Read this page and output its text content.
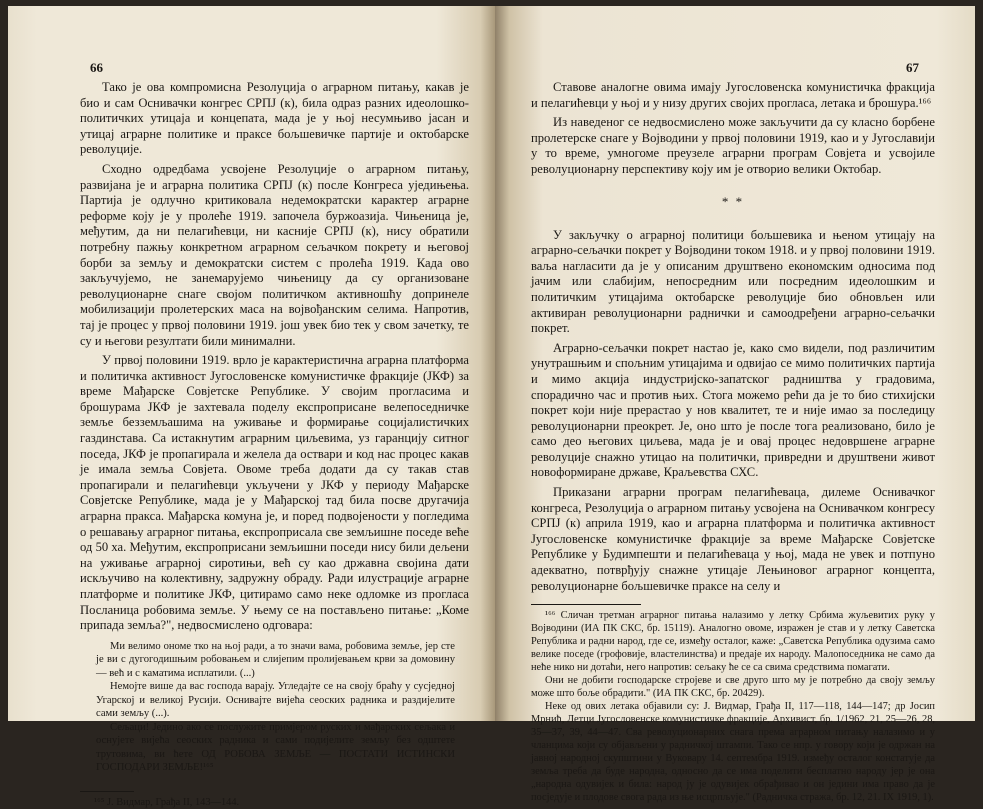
66

Тако је ова компромисна Резолуција о аграрном питању, какав је био и сам Оснивачки конгрес СРПЈ (к), била одраз разних идеолошко-политичких утицаја и концепата, мада је у њој несумњиво јасан и утицај аграрне политике и праксе бољшевичке партије и октобарске револуције.

Сходно одредбама усвојене Резолуције о аграрном питању, развијана је и аграрна политика СРПЈ (к) после Конгреса уједињења. Партија је одлучно критиковала недемократски карактер аграрне реформе коју је у пролеће 1919. започела буржоазија. Чињеница је, међутим, да ни пелагићевци, ни касније СРПЈ (к), нису обратили потребну пажњу конкретном аграрном сељачком покрету и његовој борби за земљу и демократски систем с пролећа 1919. Када ово закључујемо, не занемарујемо чињеницу да су организоване револуционарне снаге својом политичком активношћу допринеле мобилизацији пролетерских маса на војвођанским селима. Напротив, тај је процес у првој половини 1919. још увек био тек у свом зачетку, те су и његови резултати били минимални.

У првој половини 1919. врло је карактеристична аграрна платформа и политичка активност Југословенске комунистичке фракције (ЈКФ) за време Мађарске Совјетске Републике. У својим прогласима и брошурама ЈКФ је захтевала поделу експроприсане велепоседничке земље безземљашима на уживање и формирање социјалистичких газдинстава. Са истакнутим аграрним циљевима, уз гаранцију ситног поседа, ЈКФ је пропагирала и желела да оствари и код нас процес какав је имала земља Совјета. Овоме треба додати да су такав став пропагирали и пелагићевци укључени у ЈКФ у периоду Мађарске Совјетске Републике, мада је у Мађарској тад била посве другачија аграрна пракса. Мађарска комуна је, и поред подвојености у погледима о решавању аграрног питања, експроприсала све земљишне поседе веће од 50 ха. Међутим, експроприсани земљишни поседи нису били дељени на уживање аграрној сиротињи, већ су као државна својина дати искључиво на колективну, задружну обраду. Ради илустрације аграрне платформе и политике ЈКФ, цитирамо само неке одломке из прогласа Посланица робовима земље. У њему се на постављено питање: „Коме припада земља?", недвосмислено одговара:

Ми велимо ономе тко на њој ради, а то значи вама, робовима земље, јер сте је ви с дугогодишњим робовањем и слијепим пролијевањем крви за домовину — већ и с каматима исплатили. (...)

Немојте више да вас господа варају. Угледајте се на своју браћу у сусједној Угарској и великој Русији. Оснивајте вијећа сеоских радника и раздијелите сами земљу (...).

Сељаци! Једино ако се послужите примјером руских и мађарских сељака и оснујете вијећа сеоских радника и сами подијелите земљу без одштете трутовима, ви ћете ОД РОБОВА ЗЕМЉЕ — ПОСТАТИ ИСТИНСКИ ГОСПОДАРИ ЗЕМЉЕ!¹⁶⁵

¹⁶⁵ Ј. Видмар, Грађа II, 143—144.

67

Ставове аналогне овима имају Југословенска комунистичка фракција и пелагићевци у њој и у низу других својих прогласа, летака и брошура.¹⁶⁶

Из наведеног се недвосмислено може закључити да су класно борбене пролетерске снаге у Војводини у првој половини 1919, као и у Југославији у то време, умногоме преузеле аграрни програм Совјета и усвојиле револуционарну перспективу коју им је отворио велики Октобар.

* *

У закључку о аграрној политици бољшевика и њеном утицају на аграрно-сељачки покрет у Војводини током 1918. и у првој половини 1919. ваља нагласити да је у описаним друштвено економским односима под јачим или слабијим, непосредним или посредним идеолошким и политичким утицајима октобарске револуције био обновљен или активиран револуционарни раднички и самоодређени аграрно-сељачки покрет.

Аграрно-сељачки покрет настао је, како смо видели, под различитим унутрашњим и спољним утицајима и одвијао се мимо политичких партија и мимо акција индустријско-запатског радништва у градовима, спорадично час и против њих. Стога можемо рећи да је то био стихијски покрет који није прерастао у нов квалитет, те и није имао за последицу револуционарни преокрет. Је, оно што је после тога реализовано, било је само део његових циљева, мада је и овај процес недовршене аграрне револуције снажно утицао на политички, привредни и друштвени живот новоформиране државе, Краљевства СХС.

Приказани аграрни програм пелагићеваца, дилеме Оснивачког конгреса, Резолуција о аграрном питању усвојена на Оснивачком конгресу СРПЈ (к) априла 1919, као и аграрна платформа и политичка активност Југословенске комунистичке фракције за време Мађарске Совјетске Републике у Будимпешти и пелагићеваца у њој, мада не увек и потпуно адекватно, потврђују снажне утицаје Лењиновог аграрног концепта, револуционарне бољшевичке праксе на селу и

¹⁶⁶ Сличан третман аграрног питања налазимо у летку Србима жуљевитих руку у Војводини (ИА ПК СКС, бр. 15119). Аналогно овоме, изражен је став и у летку Саветска Република и радни народ, где се, између осталог, каже: „Саветска Република одузима само велике поседе (грофовије, властелинства) и предаје их народу. Малопоседника не само да неће нико ни дотаћи, него напротив: сељаку ће се са свима средствима помагати.

Они не добити господарске стројеве и све друго што му је потребно да своју земљу може што боље обрадити." (ИА ПК СКС, бр. 20429).

Неке од ових летака објавили су: Ј. Видмар, Грађа II, 117—118, 144—147; др Јосип Мрнић, Летци Југословенске комунистичке фракције, Архивист, бр. 1/1962, 21, 25—26, 28, 35—37, 39, 44—47. Сва револуционарних снага према аграрном питању налазимо и у чланцима који су објављени у радничкој штампи. Тако се нпр. у говору који је одржан на јавној народној скупштини у Вуковару 14. септембра 1919. између осталог констатује да земља треба да буде народна, односно да се има поделити бесплатно народу јер је она „народна одувијек и била: народ ју је одувијек обрађивао и он једини има право да је посједује и плодове свога рада из ње исцрпљује." (Радничка стража, бр. 12, 21. IX 1919, 1).
